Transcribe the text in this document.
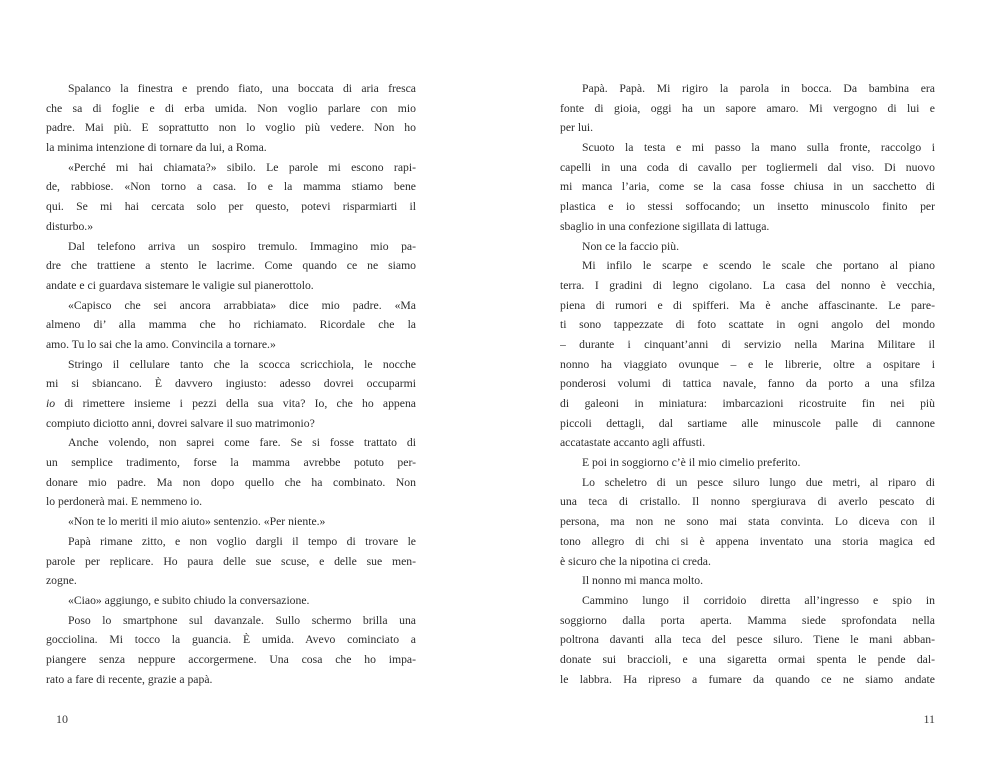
Spalanco la finestra e prendo fiato, una boccata di aria fresca
che sa di foglie e di erba umida. Non voglio parlare con mio
padre. Mai più. E soprattutto non lo voglio più vedere. Non ho
la minima intenzione di tornare da lui, a Roma.
«Perché mi hai chiamata?» sibilo. Le parole mi escono rapi-
de, rabbiose. «Non torno a casa. Io e la mamma stiamo bene
qui. Se mi hai cercata solo per questo, potevi risparmiarti il
disturbo.»
Dal telefono arriva un sospiro tremulo. Immagino mio pa-
dre che trattiene a stento le lacrime. Come quando ce ne siamo
andate e ci guardava sistemare le valigie sul pianerottolo.
«Capisco che sei ancora arrabbiata» dice mio padre. «Ma
almeno di’ alla mamma che ho richiamato. Ricordale che la
amo. Tu lo sai che la amo. Convincila a tornare.»
Stringo il cellulare tanto che la scocca scricchiola, le nocche
mi si sbiancano. È davvero ingiusto: adesso dovrei occuparmi
io di rimettere insieme i pezzi della sua vita? Io, che ho appena
compiuto diciotto anni, dovrei salvare il suo matrimonio?
Anche volendo, non saprei come fare. Se si fosse trattato di
un semplice tradimento, forse la mamma avrebbe potuto per-
donare mio padre. Ma non dopo quello che ha combinato. Non
lo perdonerà mai. E nemmeno io.
«Non te lo meriti il mio aiuto» sentenzio. «Per niente.»
Papà rimane zitto, e non voglio dargli il tempo di trovare le
parole per replicare. Ho paura delle sue scuse, e delle sue men-
zogne.
«Ciao» aggiungo, e subito chiudo la conversazione.
Poso lo smartphone sul davanzale. Sullo schermo brilla una
gocciolina. Mi tocco la guancia. È umida. Avevo cominciato a
piangere senza neppure accorgermene. Una cosa che ho impa-
rato a fare di recente, grazie a papà.
Papà. Papà. Mi rigiro la parola in bocca. Da bambina era
fonte di gioia, oggi ha un sapore amaro. Mi vergogno di lui e
per lui.
Scuoto la testa e mi passo la mano sulla fronte, raccolgo i
capelli in una coda di cavallo per togliermeli dal viso. Di nuovo
mi manca l’aria, come se la casa fosse chiusa in un sacchetto di
plastica e io stessi soffocando; un insetto minuscolo finito per
sbaglio in una confezione sigillata di lattuga.
Non ce la faccio più.
Mi infilo le scarpe e scendo le scale che portano al piano
terra. I gradini di legno cigolano. La casa del nonno è vecchia,
piena di rumori e di spifferi. Ma è anche affascinante. Le pare-
ti sono tappezzate di foto scattate in ogni angolo del mondo
– durante i cinquant’anni di servizio nella Marina Militare il
nonno ha viaggiato ovunque – e le librerie, oltre a ospitare i
ponderosi volumi di tattica navale, fanno da porto a una sfilza
di galeoni in miniatura: imbarcazioni ricostruite fin nei più
piccoli dettagli, dal sartiame alle minuscole palle di cannone
accatastate accanto agli affusti.
E poi in soggiorno c’è il mio cimelio preferito.
Lo scheletro di un pesce siluro lungo due metri, al riparo di
una teca di cristallo. Il nonno spergiurava di averlo pescato di
persona, ma non ne sono mai stata convinta. Lo diceva con il
tono allegro di chi si è appena inventato una storia magica ed
è sicuro che la nipotina ci creda.
Il nonno mi manca molto.
Cammino lungo il corridoio diretta all’ingresso e spio in
soggiorno dalla porta aperta. Mamma siede sprofondata nella
poltrona davanti alla teca del pesce siluro. Tiene le mani abban-
donate sui braccioli, e una sigaretta ormai spenta le pende dal-
le labbra. Ha ripreso a fumare da quando ce ne siamo andate
10	11
